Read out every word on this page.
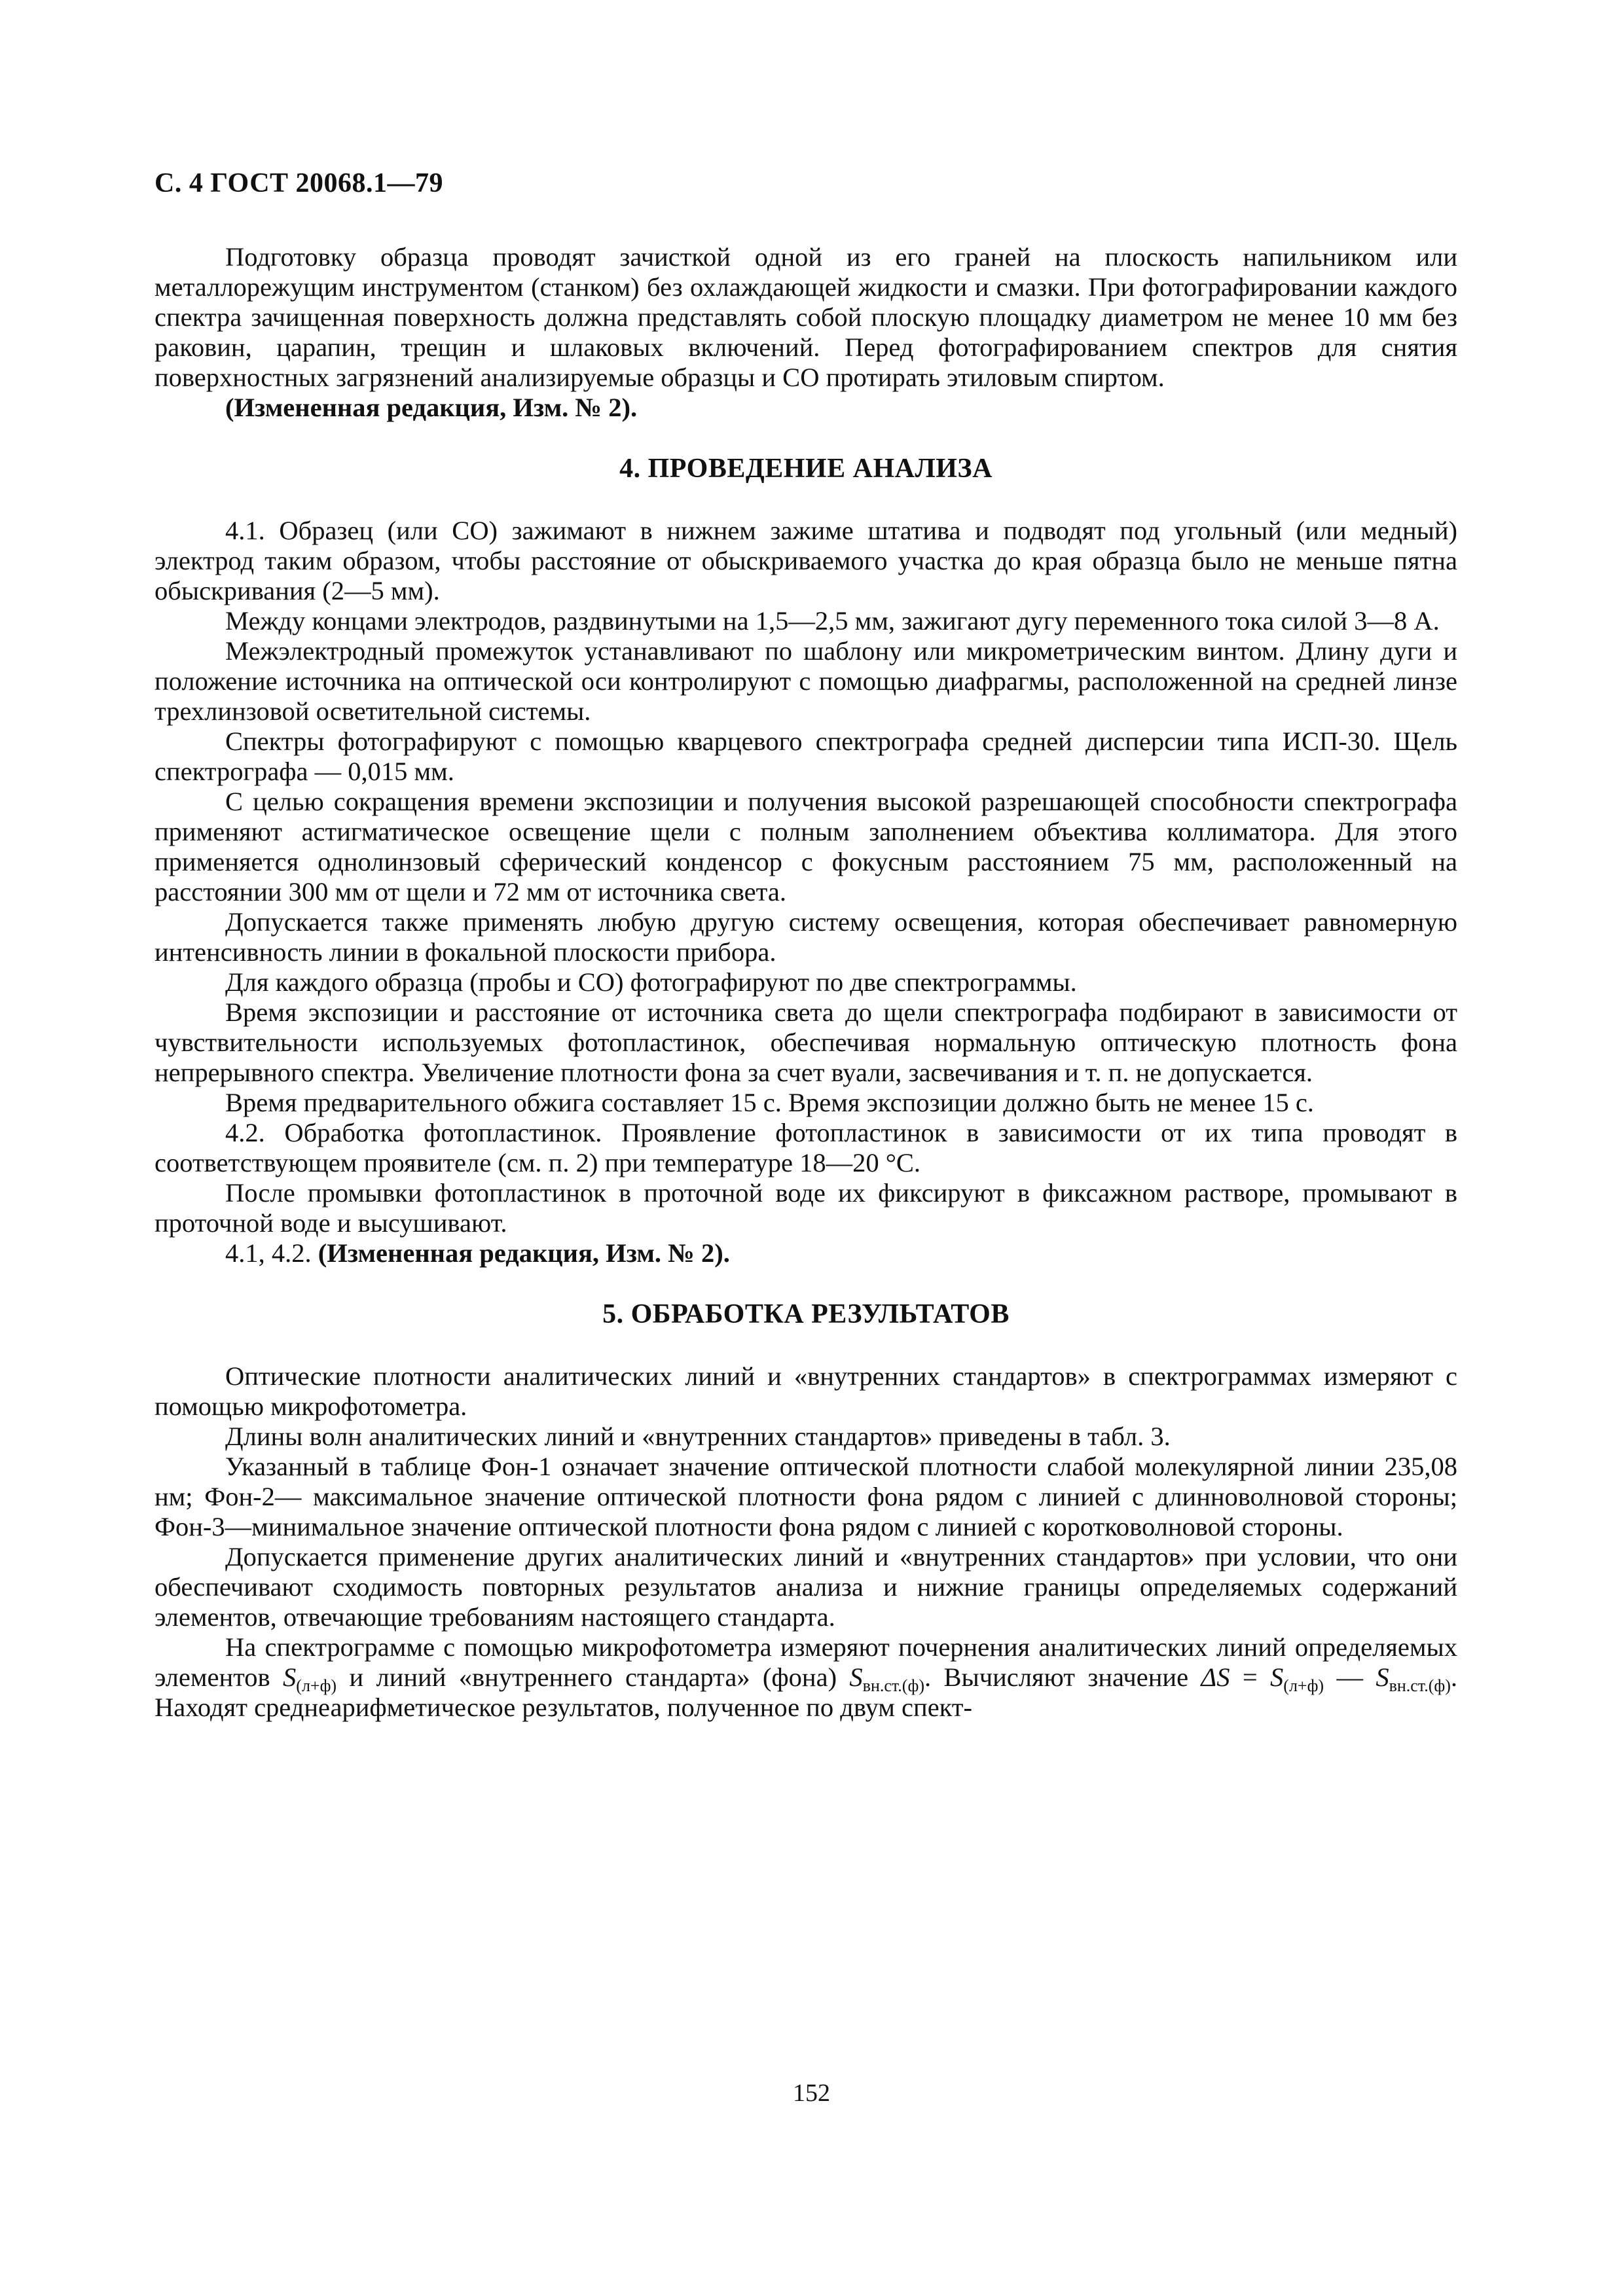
С. 4 ГОСТ 20068.1—79

Подготовку образца проводят зачисткой одной из его граней на плоскость напильником или металлорежущим инструментом (станком) без охлаждающей жидкости и смазки. При фотографировании каждого спектра зачищенная поверхность должна представлять собой плоскую площадку диаметром не менее 10 мм без раковин, царапин, трещин и шлаковых включений. Перед фотографированием спектров для снятия поверхностных загрязнений анализируемые образцы и СО протирать этиловым спиртом.

(Измененная редакция, Изм. № 2).

4. ПРОВЕДЕНИЕ АНАЛИЗА

4.1. Образец (или СО) зажимают в нижнем зажиме штатива и подводят под угольный (или медный) электрод таким образом, чтобы расстояние от обыскриваемого участка до края образца было не меньше пятна обыскривания (2—5 мм).

Между концами электродов, раздвинутыми на 1,5—2,5 мм, зажигают дугу переменного тока силой 3—8 А.

Межэлектродный промежуток устанавливают по шаблону или микрометрическим винтом. Длину дуги и положение источника на оптической оси контролируют с помощью диафрагмы, расположенной на средней линзе трехлинзовой осветительной системы.

Спектры фотографируют с помощью кварцевого спектрографа средней дисперсии типа ИСП-30. Щель спектрографа — 0,015 мм.

С целью сокращения времени экспозиции и получения высокой разрешающей способности спектрографа применяют астигматическое освещение щели с полным заполнением объектива коллиматора. Для этого применяется однолинзовый сферический конденсор с фокусным расстоянием 75 мм, расположенный на расстоянии 300 мм от щели и 72 мм от источника света.

Допускается также применять любую другую систему освещения, которая обеспечивает равномерную интенсивность линии в фокальной плоскости прибора.

Для каждого образца (пробы и СО) фотографируют по две спектрограммы.

Время экспозиции и расстояние от источника света до щели спектрографа подбирают в зависимости от чувствительности используемых фотопластинок, обеспечивая нормальную оптическую плотность фона непрерывного спектра. Увеличение плотности фона за счет вуали, засвечивания и т. п. не допускается.

Время предварительного обжига составляет 15 с. Время экспозиции должно быть не менее 15 с.

4.2. Обработка фотопластинок. Проявление фотопластинок в зависимости от их типа проводят в соответствующем проявителе (см. п. 2) при температуре 18—20 °С.

После промывки фотопластинок в проточной воде их фиксируют в фиксажном растворе, промывают в проточной воде и высушивают.

4.1, 4.2. (Измененная редакция, Изм. № 2).

5. ОБРАБОТКА РЕЗУЛЬТАТОВ

Оптические плотности аналитических линий и «внутренних стандартов» в спектрограммах измеряют с помощью микрофотометра.

Длины волн аналитических линий и «внутренних стандартов» приведены в табл. 3.

Указанный в таблице Фон-1 означает значение оптической плотности слабой молекулярной линии 235,08 нм; Фон-2— максимальное значение оптической плотности фона рядом с линией с длинноволновой стороны; Фон-3—минимальное значение оптической плотности фона рядом с линией с коротковолновой стороны.

Допускается применение других аналитических линий и «внутренних стандартов» при условии, что они обеспечивают сходимость повторных результатов анализа и нижние границы определяемых содержаний элементов, отвечающие требованиям настоящего стандарта.

На спектрограмме с помощью микрофотометра измеряют почернения аналитических линий определяемых элементов $S_{(л+ф)}$ и линий «внутреннего стандарта» (фона) $S_{вн.ст.(ф)}$. Вычисляют значение $\Delta S = S_{(л+ф)}$ — $S_{вн.ст.(ф)}$. Находят среднеарифметическое результатов, полученное по двум спект-

152
